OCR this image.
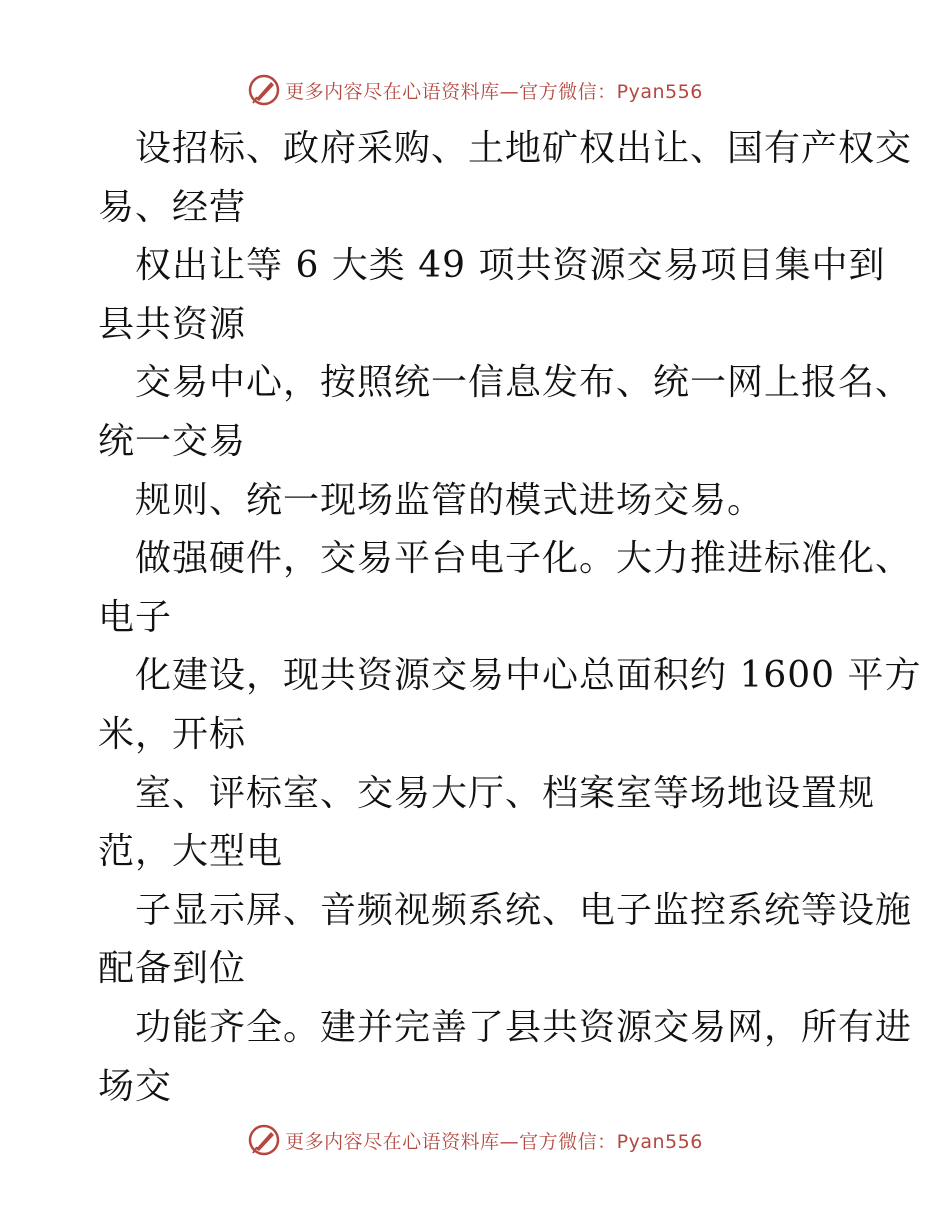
更多内容尽在心语资料库—官方微信：Pyan556
设招标、政府采购、土地矿权出让、国有产权交
易、经营
权出让等 6 大类 49 项共资源交易项目集中到
县共资源
交易中心，按照统一信息发布、统一网上报名、
统一交易
规则、统一现场监管的模式进场交易。
做强硬件，交易平台电子化。大力推进标准化、
电子
化建设，现共资源交易中心总面积约 1600 平方
米，开标
室、评标室、交易大厅、档案室等场地设置规
范，大型电
子显示屏、音频视频系统、电子监控系统等设施
配备到位
功能齐全。建并完善了县共资源交易网，所有进
场交
更多内容尽在心语资料库—官方微信：Pyan556
